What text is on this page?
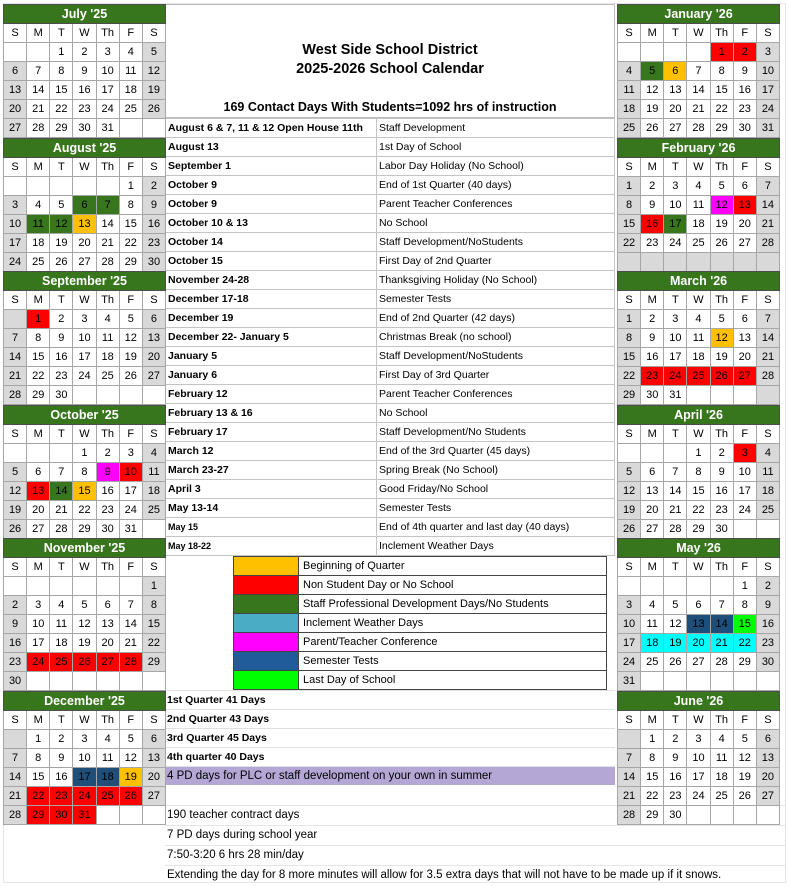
West Side School District
2025-2026 School Calendar
169 Contact Days With Students=1092 hrs of instruction
August 6 & 7, 11 & 12 Open House 11th	Staff Development
August 13	1st Day of School
September 1	Labor Day Holiday (No School)
October 9	End of 1st Quarter (40 days)
October 9	Parent Teacher Conferences
October 10 & 13	No School
October 14	Staff Development/NoStudents
October 15	First Day of 2nd Quarter
November 24-28	Thanksgiving Holiday (No School)
December 17-18	Semester Tests
December 19	End of 2nd Quarter (42 days)
December 22- January 5	Christmas Break (no school)
January 5	Staff Development/NoStudents
January 6	First Day of 3rd Quarter
February 12	Parent Teacher Conferences
February 13 & 16	No School
February 17	Staff Development/No Students
March 12	End of the 3rd Quarter (45 days)
March 23-27	Spring Break (No School)
April 3	Good Friday/No School
May 13-14	Semester Tests
May 15	End of 4th quarter and last day (40 days)
May 18-22	Inclement Weather Days
	Beginning of Quarter
	Non Student Day or No School
	Staff Professional Development Days/No Students
	Inclement Weather Days
	Parent/Teacher Conference
	Semester Tests
	Last Day of School
1st Quarter 41 Days
2nd Quarter 43 Days
3rd Quarter 45 Days
4th quarter 40 Days
4 PD days for PLC or staff development on your own in summer
190 teacher contract days
7 PD days during school year
7:50-3:20 6 hrs 28 min/day
Extending the day for 8 more minutes will allow for 3.5 extra days that will not have to be made up if it snows.
July '25						
S	M	T	W	Th	F	S
		1	2	3	4	5
6	7	8	9	10	11	12
13	14	15	16	17	18	19
20	21	22	23	24	25	26
27	28	29	30	31		
August '25						
S	M	T	W	Th	F	S
					1	2
3	4	5	6	7	8	9
10	11	12	13	14	15	16
17	18	19	20	21	22	23
24	25	26	27	28	29	30
September '25						
S	M	T	W	Th	F	S
	1	2	3	4	5	6
7	8	9	10	11	12	13
14	15	16	17	18	19	20
21	22	23	24	25	26	27
28	29	30				
October '25						
S	M	T	W	Th	F	S
			1	2	3	4
5	6	7	8	9	10	11
12	13	14	15	16	17	18
19	20	21	22	23	24	25
26	27	28	29	30	31	
November '25						
S	M	T	W	Th	F	S
						1
2	3	4	5	6	7	8
9	10	11	12	13	14	15
16	17	18	19	20	21	22
23	24	25	26	27	28	29
30						
December '25						
S	M	T	W	Th	F	S
	1	2	3	4	5	6
7	8	9	10	11	12	13
14	15	16	17	18	19	20
21	22	23	24	25	26	27
28	29	30	31			
January '26						
S	M	T	W	Th	F	S
				1	2	3
4	5	6	7	8	9	10
11	12	13	14	15	16	17
18	19	20	21	22	23	24
25	26	27	28	29	30	31
February '26						
S	M	T	W	Th	F	S
1	2	3	4	5	6	7
8	9	10	11	12	13	14
15	16	17	18	19	20	21
22	23	24	25	26	27	28

March '26						
S	M	T	W	Th	F	S
1	2	3	4	5	6	7
8	9	10	11	12	13	14
15	16	17	18	19	20	21
22	23	24	25	26	27	28
29	30	31				
April '26						
S	M	T	W	Th	F	S
			1	2	3	4
5	6	7	8	9	10	11
12	13	14	15	16	17	18
19	20	21	22	23	24	25
26	27	28	29	30		
May '26						
S	M	T	W	Th	F	S
					1	2
3	4	5	6	7	8	9
10	11	12	13	14	15	16
17	18	19	20	21	22	23
24	25	26	27	28	29	30
31						
June '26						
S	M	T	W	Th	F	S
	1	2	3	4	5	6
7	8	9	10	11	12	13
14	15	16	17	18	19	20
21	22	23	24	25	26	27
28	29	30				
